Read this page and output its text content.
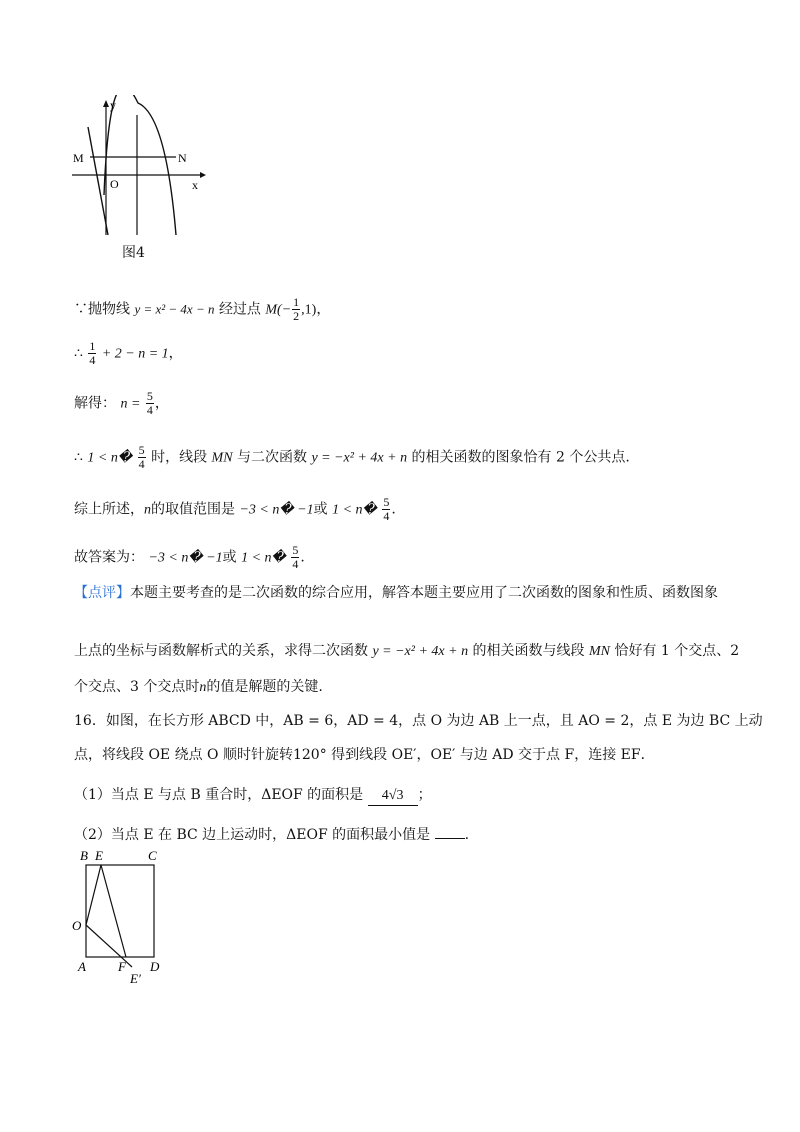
y
M	N
O	x
图4
∵抛物线 y = x² − 4x − n 经过点 $M(- \frac{1}{2} ,1)$，
∴ $\frac{1}{4} + 2 - n = 1$，
解得： $n = \frac{5}{4}$ ，
∴ 1 < n� $\frac{5}{4}$ 时，线段 MN 与二次函数 y = −x² + 4x + n 的相关函数的图象恰有 2 个公共点.
综上所述，n的取值范围是 −3 < n� −1或 1 < n� $\frac{5}{4}$ .
故答案为： −3 < n� −1或 1 < n� $\frac{5}{4}$ .
【点评】本题主要考查的是二次函数的综合应用，解答本题主要应用了二次函数的图象和性质、函数图象
上点的坐标与函数解析式的关系，求得二次函数 y = −x² + 4x + n 的相关函数与线段 MN 恰好有 1 个交点、2
个交点、3 个交点时n的值是解题的关键.
16．如图，在长方形 ABCD 中，AB = 6，AD = 4，点 O 为边 AB 上一点，且 AO = 2，点 E 为边 BC 上动
点，将线段 OE 绕点 O 顺时针旋转120° 得到线段 OE′，OE′ 与边 AD 交于点 F，连接 EF．
（1）当点 E 与点 B 重合时，ΔEOF 的面积是 4√3 ；
（2）当点 E 在 BC 边上运动时，ΔEOF 的面积最小值是 .
B E	C
O
A F D
E′
